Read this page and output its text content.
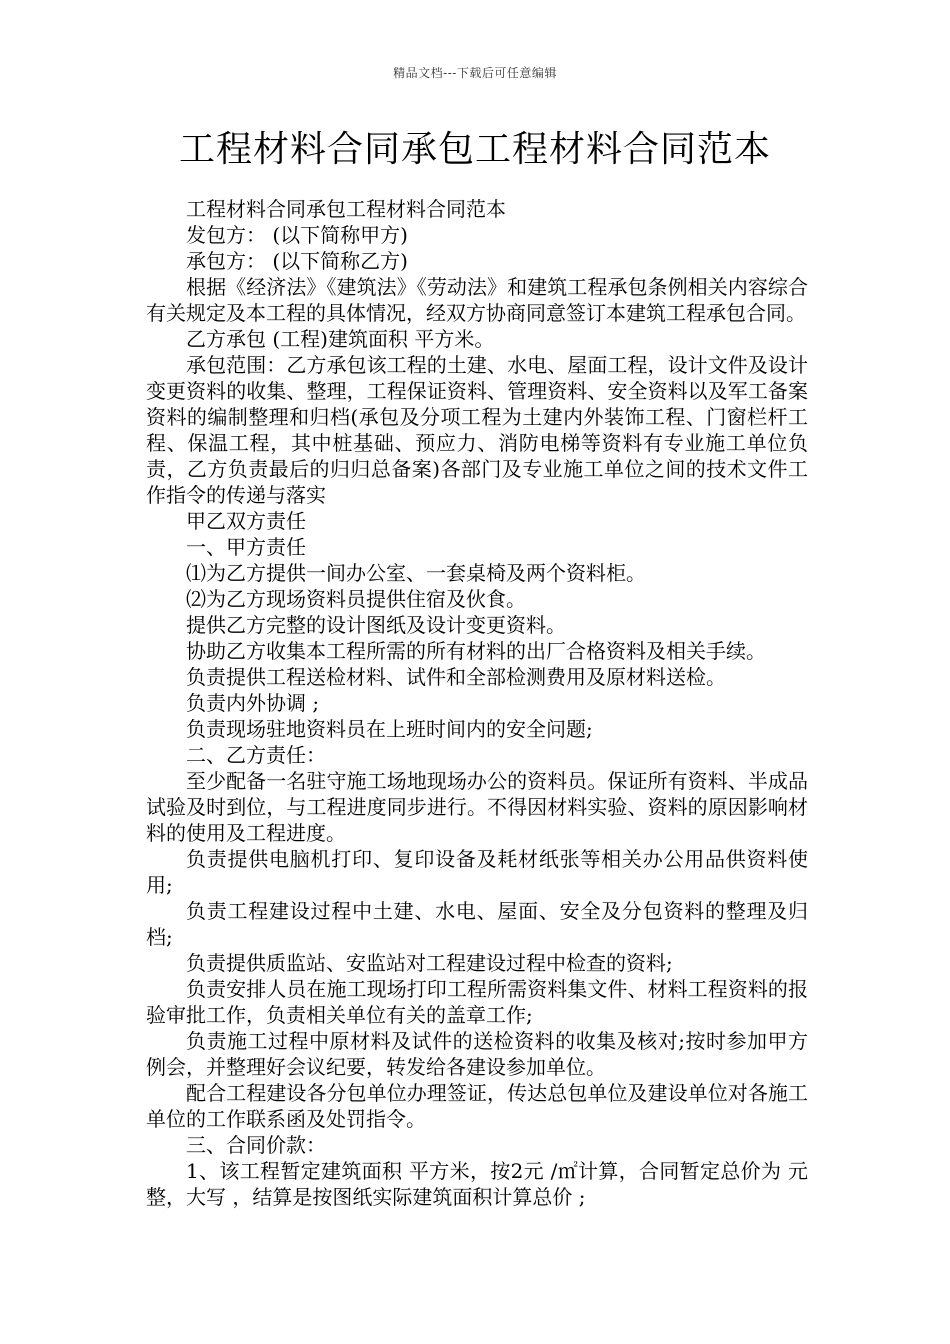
精品文档---下载后可任意编辑
工程材料合同承包工程材料合同范本

工程材料合同承包工程材料合同范本

发包方： (以下简称甲方)

承包方： (以下简称乙方)

根据《经济法》《建筑法》《劳动法》和建筑工程承包条例相关内容综合有关规定及本工程的具体情况，经双方协商同意签订本建筑工程承包合同。

乙方承包 (工程)建筑面积 平方米。

承包范围：乙方承包该工程的土建、水电、屋面工程，设计文件及设计变更资料的收集、整理，工程保证资料、管理资料、安全资料以及军工备案资料的编制整理和归档(承包及分项工程为土建内外装饰工程、门窗栏杆工程、保温工程，其中桩基础、预应力、消防电梯等资料有专业施工单位负责，乙方负责最后的归归总备案)各部门及专业施工单位之间的技术文件工作指令的传递与落实

甲乙双方责任

一、甲方责任

⑴为乙方提供一间办公室、一套桌椅及两个资料柜。

⑵为乙方现场资料员提供住宿及伙食。

提供乙方完整的设计图纸及设计变更资料。

协助乙方收集本工程所需的所有材料的出厂合格资料及相关手续。

负责提供工程送检材料、试件和全部检测费用及原材料送检。

负责内外协调 ;

负责现场驻地资料员在上班时间内的安全问题;

二、乙方责任：

至少配备一名驻守施工场地现场办公的资料员。保证所有资料、半成品试验及时到位，与工程进度同步进行。不得因材料实验、资料的原因影响材料的使用及工程进度。

负责提供电脑机打印、复印设备及耗材纸张等相关办公用品供资料使用;

负责工程建设过程中土建、水电、屋面、安全及分包资料的整理及归档;

负责提供质监站、安监站对工程建设过程中检查的资料;

负责安排人员在施工现场打印工程所需资料集文件、材料工程资料的报验审批工作，负责相关单位有关的盖章工作;

负责施工过程中原材料及试件的送检资料的收集及核对;按时参加甲方例会，并整理好会议纪要，转发给各建设参加单位。

配合工程建设各分包单位办理签证，传达总包单位及建设单位对各施工单位的工作联系函及处罚指令。

三、合同价款：

1、该工程暂定建筑面积 平方米，按2元 /㎡计算，合同暂定总价为 元整，大写 ，结算是按图纸实际建筑面积计算总价 ;
